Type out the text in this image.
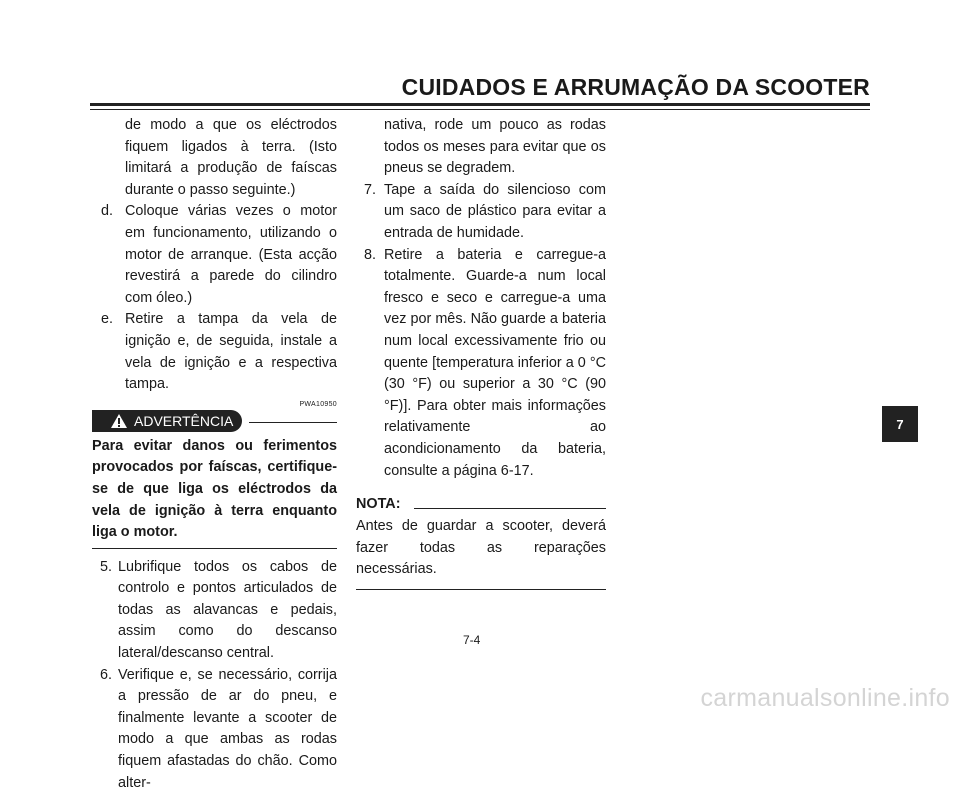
CUIDADOS E ARRUMAÇÃO DA SCOOTER
de modo a que os eléctrodos fiquem ligados à terra. (Isto limitará a produção de faíscas durante o passo seguinte.)
d. Coloque várias vezes o motor em funcionamento, utilizando o motor de arranque. (Esta acção revestirá a parede do cilindro com óleo.)
e. Retire a tampa da vela de ignição e, de seguida, instale a vela de ignição e a respectiva tampa.
PWA10950
ADVERTÊNCIA
Para evitar danos ou ferimentos provocados por faíscas, certifique-se de que liga os eléctrodos da vela de ignição à terra enquanto liga o motor.
5. Lubrifique todos os cabos de controlo e pontos articulados de todas as alavancas e pedais, assim como do descanso lateral/descanso central.
6. Verifique e, se necessário, corrija a pressão de ar do pneu, e finalmente levante a scooter de modo a que ambas as rodas fiquem afastadas do chão. Como alter-
nativa, rode um pouco as rodas todos os meses para evitar que os pneus se degradem.
7. Tape a saída do silencioso com um saco de plástico para evitar a entrada de humidade.
8. Retire a bateria e carregue-a totalmente. Guarde-a num local fresco e seco e carregue-a uma vez por mês. Não guarde a bateria num local excessivamente frio ou quente [temperatura inferior a 0 °C (30 °F) ou superior a 30 °C (90 °F)]. Para obter mais informações relativamente ao acondicionamento da bateria, consulte a página 6-17.
NOTA:
Antes de guardar a scooter, deverá fazer todas as reparações necessárias.
7-4
7
carmanualsonline.info
